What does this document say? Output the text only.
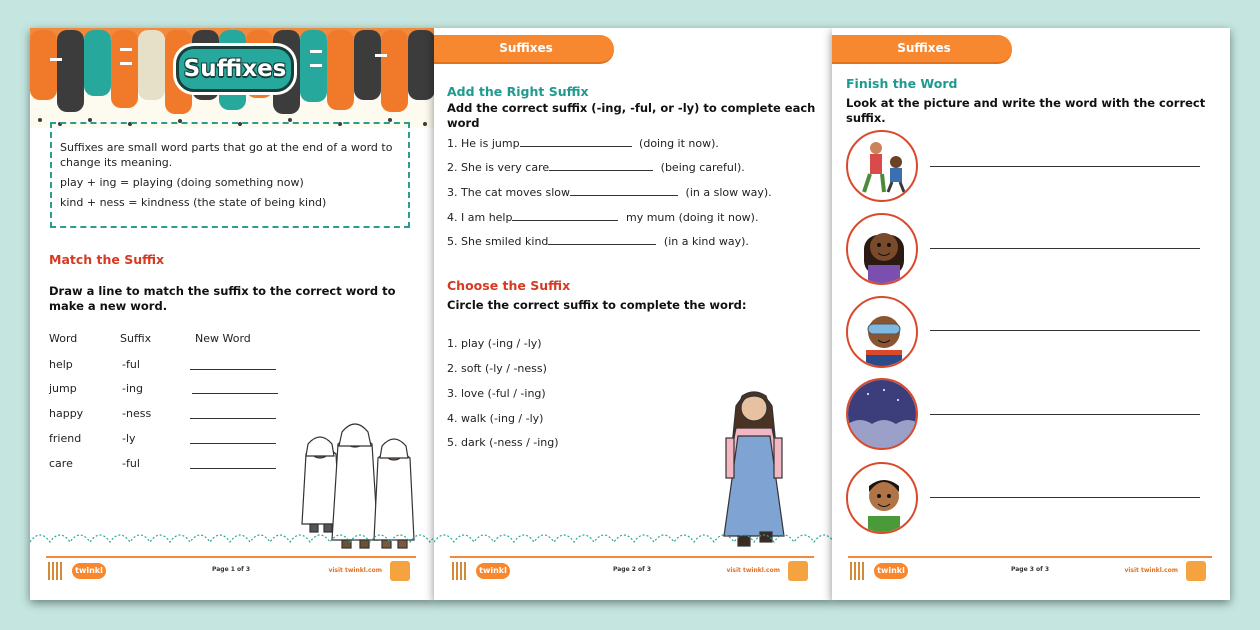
Suffixes

Suffixes are small word parts that go at the end of a word to change its meaning.

play + ing = playing (doing something now)

kind + ness = kindness (the state of being kind)

Match the Suffix
Draw a line to match the suffix to the correct word to make a new word.
Word	Suffix	New Word
help	-ful
jump	-ing
happy	-ness
friend	-ly
care	-ful
twinkl	Page 1 of 3	visit twinkl.com
Suffixes
Add the Right Suffix
Add the correct suffix (-ing, -ful, or -ly) to complete each word
1. He is jump	(doing it now).
2. She is very care	(being careful).
3. The cat moves slow	(in a slow way).
4. I am help	my mum (doing it now).
5. She smiled kind	(in a kind way).
Choose the Suffix
Circle the correct suffix to complete the word:
1. play (-ing / -ly)
2. soft (-ly / -ness)
3. love (-ful / -ing)
4. walk (-ing / -ly)
5. dark (-ness / -ing)
twinkl	Page 2 of 3	visit twinkl.com
Suffixes
Finish the Word
Look at the picture and write the word with the correct suffix.
twinkl	Page 3 of 3	visit twinkl.com
